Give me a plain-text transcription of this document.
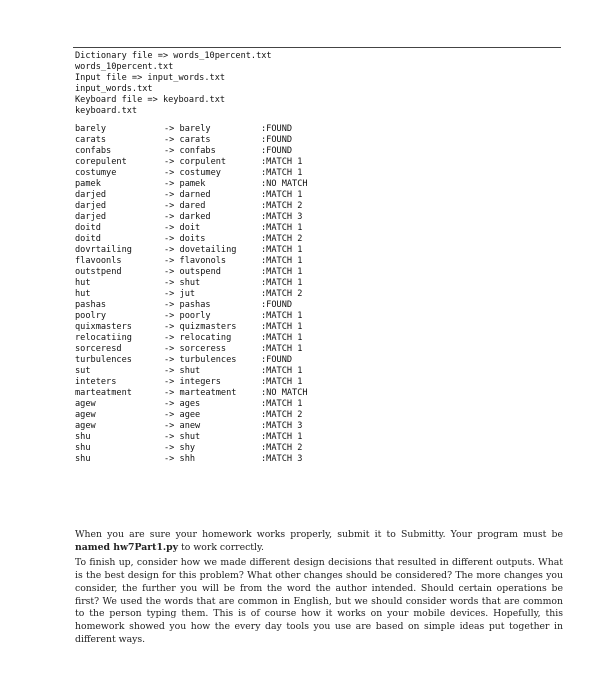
Dictionary file => words_10percent.txt
words_10percent.txt
Input file => input_words.txt
input_words.txt
Keyboard file => keyboard.txt
keyboard.txt
barely	-> barely	:FOUND
carats	-> carats	:FOUND
confabs	-> confabs	:FOUND
corepulent	-> corpulent	:MATCH 1
costumye	-> costumey	:MATCH 1
pamek	-> pamek	:NO MATCH
darjed	-> darned	:MATCH 1
darjed	-> dared	:MATCH 2
darjed	-> darked	:MATCH 3
doitd	-> doit	:MATCH 1
doitd	-> doits	:MATCH 2
dovrtailing	-> dovetailing	:MATCH 1
flavoonls	-> flavonols	:MATCH 1
outstpend	-> outspend	:MATCH 1
hut	-> shut	:MATCH 1
hut	-> jut	:MATCH 2
pashas	-> pashas	:FOUND
poolry	-> poorly	:MATCH 1
quixmasters	-> quizmasters	:MATCH 1
relocatiing	-> relocating	:MATCH 1
sorceresd	-> sorceress	:MATCH 1
turbulences	-> turbulences	:FOUND
sut	-> shut	:MATCH 1
inteters	-> integers	:MATCH 1
marteatment	-> marteatment	:NO MATCH
agew	-> ages	:MATCH 1
agew	-> agee	:MATCH 2
agew	-> anew	:MATCH 3
shu	-> shut	:MATCH 1
shu	-> shy	:MATCH 2
shu	-> shh	:MATCH 3

When you are sure your homework works properly, submit it to Submitty. Your program must be named hw7Part1.py to work correctly.

To finish up, consider how we made different design decisions that resulted in different outputs. What is the best design for this problem? What other changes should be considered? The more changes you consider, the further you will be from the word the author intended. Should certain operations be first? We used the words that are common in English, but we should consider words that are common to the person typing them. This is of course how it works on your mobile devices. Hopefully, this homework showed you how the every day tools you use are based on simple ideas put together in different ways.
